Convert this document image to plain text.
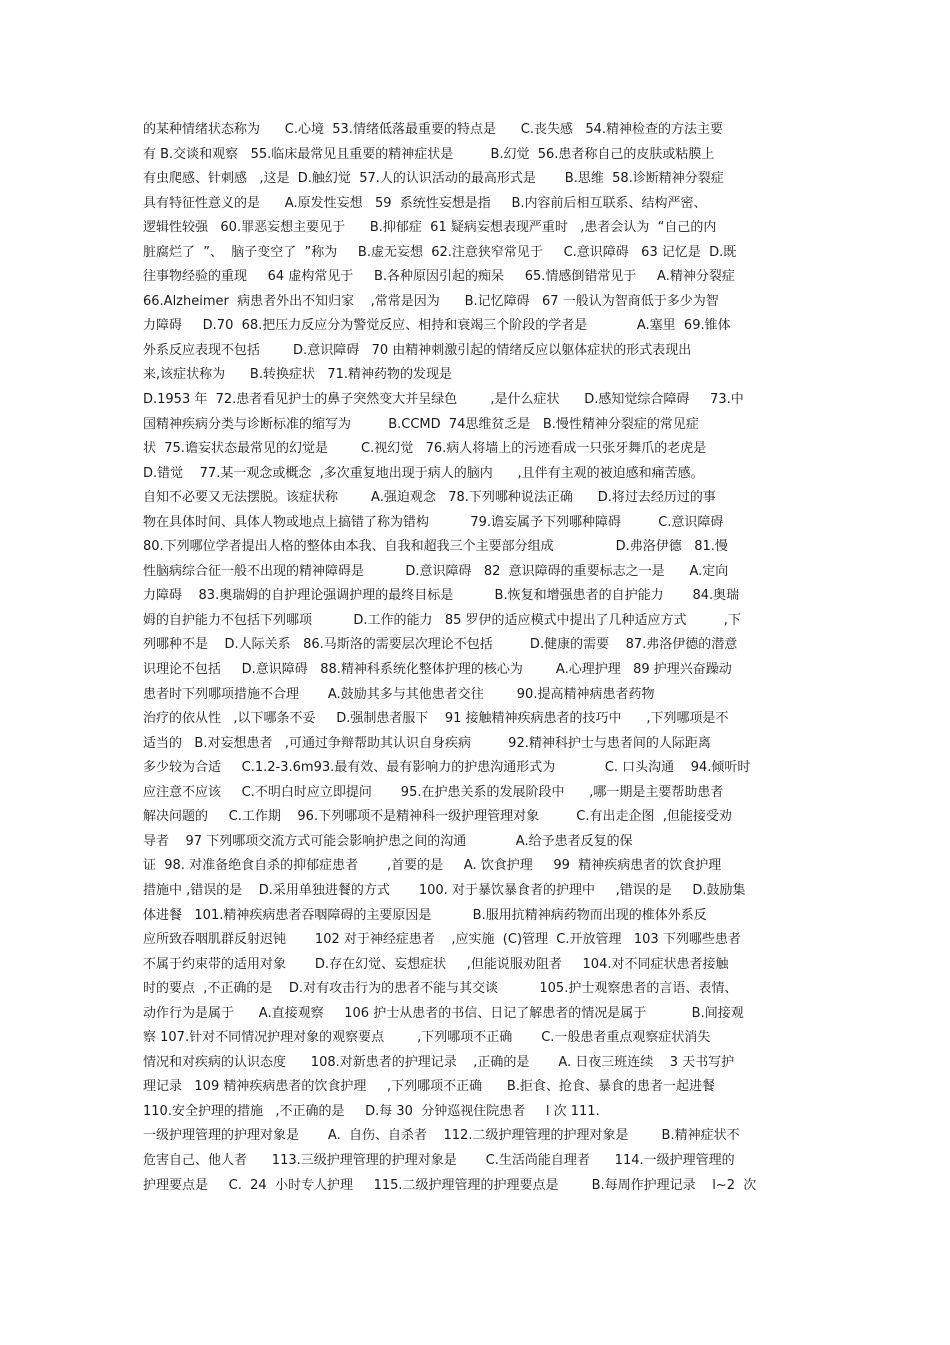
的某种情绪状态称为      C.心境  53.情绪低落最重要的特点是      C.丧失感   54.精神检查的方法主要
有 B.交谈和观察   55.临床最常见且重要的精神症状是         B.幻觉  56.患者称自己的皮肤或粘膜上
有虫爬感、针刺感   ,这是  D.触幻觉  57.人的认识活动的最高形式是       B.思维  58.诊断精神分裂症
具有特征性意义的是      A.原发性妄想   59  系统性妄想是指     B.内容前后相互联系、结构严密、
逻辑性较强   60.罪恶妄想主要见于      B.抑郁症  61 疑病妄想表现严重时   ,患者会认为  “自己的内
脏腐烂了  ”、  脑子变空了  ”称为     B.虚无妄想  62.注意狭窄常见于     C.意识障碍   63 记忆是  D.既
往事物经验的重现     64 虚构常见于     B.各种原因引起的痴呆     65.情感倒错常见于     A.精神分裂症
66.Alzheimer  病患者外出不知归家    ,常常是因为      B.记忆障碍   67 一般认为智商低于多少为智
力障碍     D.70  68.把压力反应分为警觉反应、相持和衰竭三个阶段的学者是            A.塞里  69.锥体
外系反应表现不包括        D.意识障碍   70 由精神刺激引起的情绪反应以躯体症状的形式表现出
来,该症状称为      B.转换症状   71.精神药物的发现是
D.1953 年  72.患者看见护士的鼻子突然变大并呈绿色        ,是什么症状      D.感知觉综合障碍     73.中
国精神疾病分类与诊断标准的缩写为         B.CCMD  74思维贫乏是   B.慢性精神分裂症的常见症
状  75.谵妄状态最常见的幻觉是        C.视幻觉   76.病人将墙上的污迹看成一只张牙舞爪的老虎是
D.错觉    77.某一观念或概念  ,多次重复地出现于病人的脑内      ,且伴有主观的被迫感和痛苦感。
自知不必要又无法摆脱。该症状称        A.强迫观念   78.下列哪种说法正确      D.将过去经历过的事
物在具体时间、具体人物或地点上搞错了称为错构          79.谵妄属予下列哪种障碍         C.意识障碍
80.下列哪位学者提出人格的整体由本我、自我和超我三个主要部分组成               D.弗洛伊德   81.慢
性脑病综合征一般不出现的精神障碍是          D.意识障碍   82  意识障碍的重要标志之一是      A.定向
力障碍    83.奥瑞姆的自护理论强调护理的最终目标是          B.恢复和增强患者的自护能力       84.奥瑞
姆的自护能力不包括下列哪项          D.工作的能力   85 罗伊的适应模式中提出了几种适应方式         ,下
列哪种不是    D.人际关系   86.马斯洛的需要层次理论不包括         D.健康的需要    87.弗洛伊德的潜意
识理论不包括     D.意识障碍   88.精神科系统化整体护理的核心为        A.心理护理   89 护理兴奋躁动
患者时下列哪项措施不合理       A.鼓励其多与其他患者交往        90.提高精神病患者药物
治疗的依从性   ,以下哪条不妥     D.强制患者服下    91 接触精神疾病患者的技巧中      ,下列哪项是不
适当的   B.对妄想患者   ,可通过争辩帮助其认识自身疾病         92.精神科护士与患者间的人际距离
多少较为合适     C.1.2-3.6m93.最有效、最有影响力的护患沟通形式为            C. 口头沟通    94.倾听时
应注意不应该     C.不明白时应立即提问       95.在护患关系的发展阶段中      ,哪一期是主要帮助患者
解决问题的     C.工作期    96.下列哪项不是精神科一级护理管理对象         C.有出走企图  ,但能接受劝
导者    97 下列哪项交流方式可能会影响护患之间的沟通            A.给予患者反复的保
证  98. 对准备绝食自杀的抑郁症患者       ,首要的是     A. 饮食护理     99  精神疾病患者的饮食护理
措施中 ,错误的是    D.采用单独进餐的方式       100. 对于暴饮暴食者的护理中     ,错误的是     D.鼓励集
体进餐   101.精神疾病患者吞咽障碍的主要原因是          B.服用抗精神病药物而出现的椎体外系反
应所致吞咽肌群反射迟钝       102 对于神经症患者    ,应实施  (C)管理  C.开放管理   103 下列哪些患者
不属于约束带的适用对象       D.存在幻觉、妄想症状     ,但能说服劝阻者     104.对不同症状患者接触
时的要点  ,不正确的是    D.对有攻击行为的患者不能与其交谈          105.护士观察患者的言语、表情、
动作行为是属于      A.直接观察     106 护士从患者的书信、日记了解患者的情况是属于           B.间接观
察 107.针对不同情况护理对象的观察要点        ,下列哪项不正确       C.一般患者重点观察症状消失
情况和对疾病的认识态度      108.对新患者的护理记录    ,正确的是       A. 日夜三班连续    3 天书写护
理记录   109 精神疾病患者的饮食护理     ,下列哪项不正确      B.拒食、抢食、暴食的患者一起进餐
110.安全护理的措施   ,不正确的是     D.每 30  分钟巡视住院患者     l 次 111.
一级护理管理的护理对象是       A.  自伤、自杀者    112.二级护理管理的护理对象是        B.精神症状不
危害自己、他人者      113.三级护理管理的护理对象是       C.生活尚能自理者      114.一级护理管理的
护理要点是     C.  24  小时专人护理     115.二级护理管理的护理要点是        B.每周作护理记录    l~2  次
